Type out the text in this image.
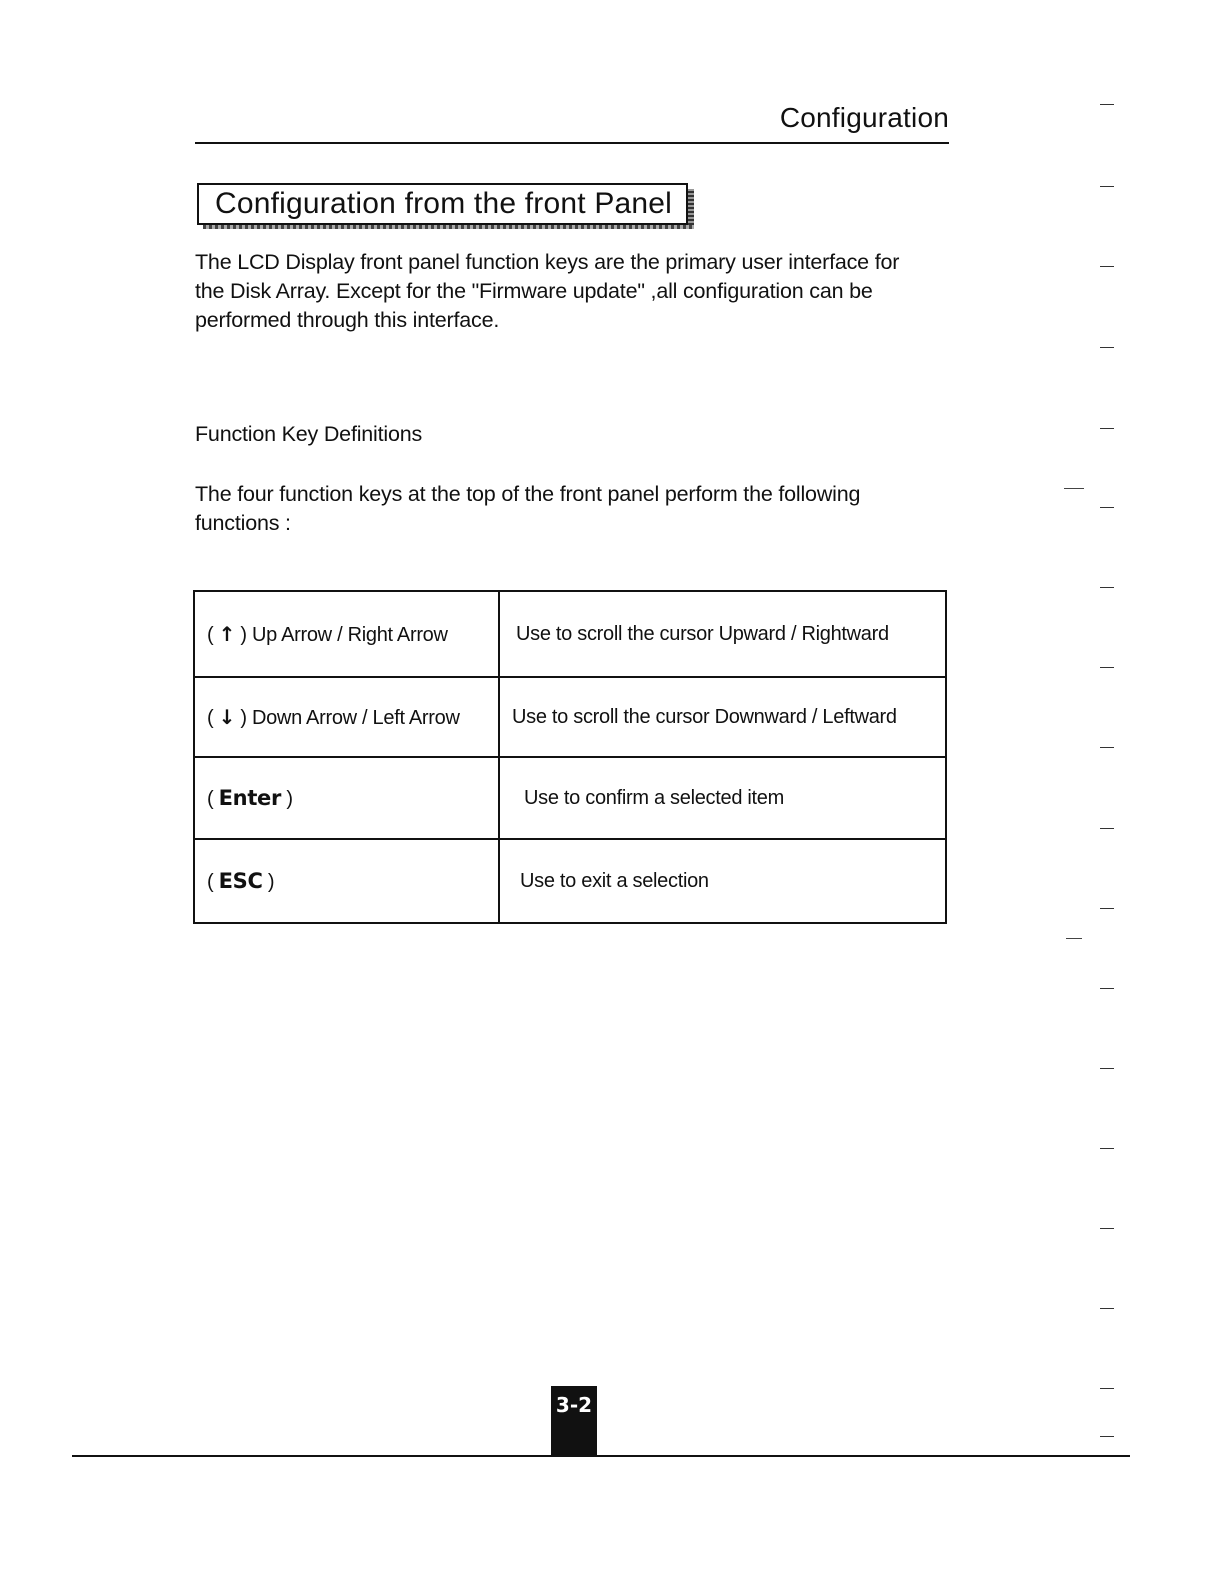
Configuration
Configuration from the front Panel

The LCD Display front panel function keys are the primary user interface for the Disk Array. Except for the "Firmware update" ,all configuration can be performed through this interface.

Function Key Definitions

The four function keys at the top of the front panel perform the following functions :

( ↑ ) Up Arrow / Right Arrow	Use to scroll the cursor Upward / Rightward
( ↓ ) Down Arrow / Left Arrow	Use to scroll the cursor Downward / Leftward
( Enter )	Use to confirm a selected item
( ESC )	Use to exit a selection
3-2
